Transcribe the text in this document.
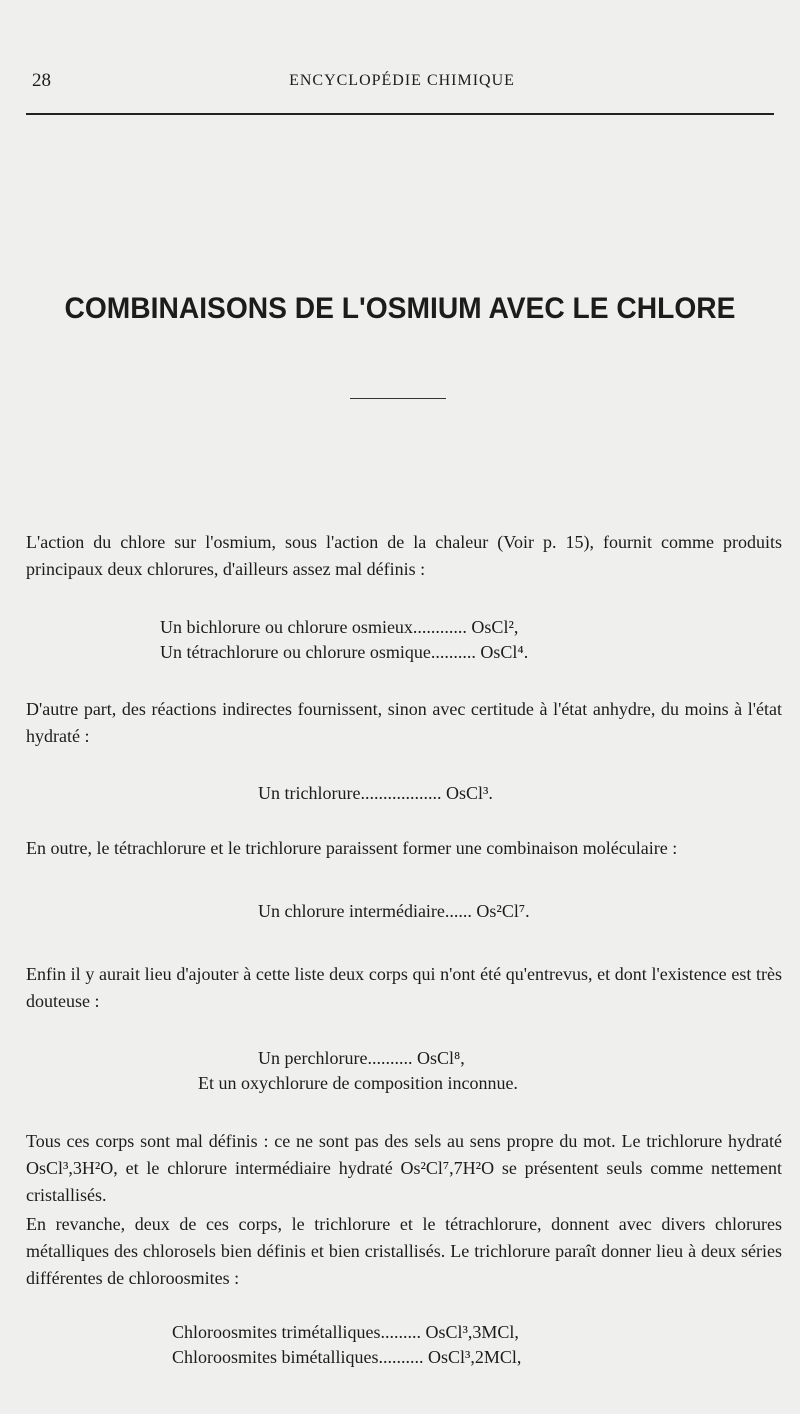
28	ENCYCLOPÉDIE CHIMIQUE
COMBINAISONS DE L'OSMIUM AVEC LE CHLORE
L'action du chlore sur l'osmium, sous l'action de la chaleur (Voir p. 15), fournit comme produits principaux deux chlorures, d'ailleurs assez mal définis :
Un bichlorure ou chlorure osmieux............ OsCl²,
Un tétrachlorure ou chlorure osmique.......... OsCl⁴.
D'autre part, des réactions indirectes fournissent, sinon avec certitude à l'état anhydre, du moins à l'état hydraté :
Un trichlorure.................. OsCl³.
En outre, le tétrachlorure et le trichlorure paraissent former une combinaison moléculaire :
Un chlorure intermédiaire...... Os²Cl⁷.
Enfin il y aurait lieu d'ajouter à cette liste deux corps qui n'ont été qu'entrevus, et dont l'existence est très douteuse :
Un perchlorure.......... OsCl⁸,
Et un oxychlorure de composition inconnue.
Tous ces corps sont mal définis : ce ne sont pas des sels au sens propre du mot. Le trichlorure hydraté OsCl³,3H²O, et le chlorure intermédiaire hydraté Os²Cl⁷,7H²O se présentent seuls comme nettement cristallisés.
En revanche, deux de ces corps, le trichlorure et le tétrachlorure, donnent avec divers chlorures métalliques des chlorosels bien définis et bien cristallisés. Le trichlorure paraît donner lieu à deux séries différentes de chloroosmites :
Chloroosmites trimétalliques......... OsCl³,3MCl,
Chloroosmites bimétalliques.......... OsCl³,2MCl,
